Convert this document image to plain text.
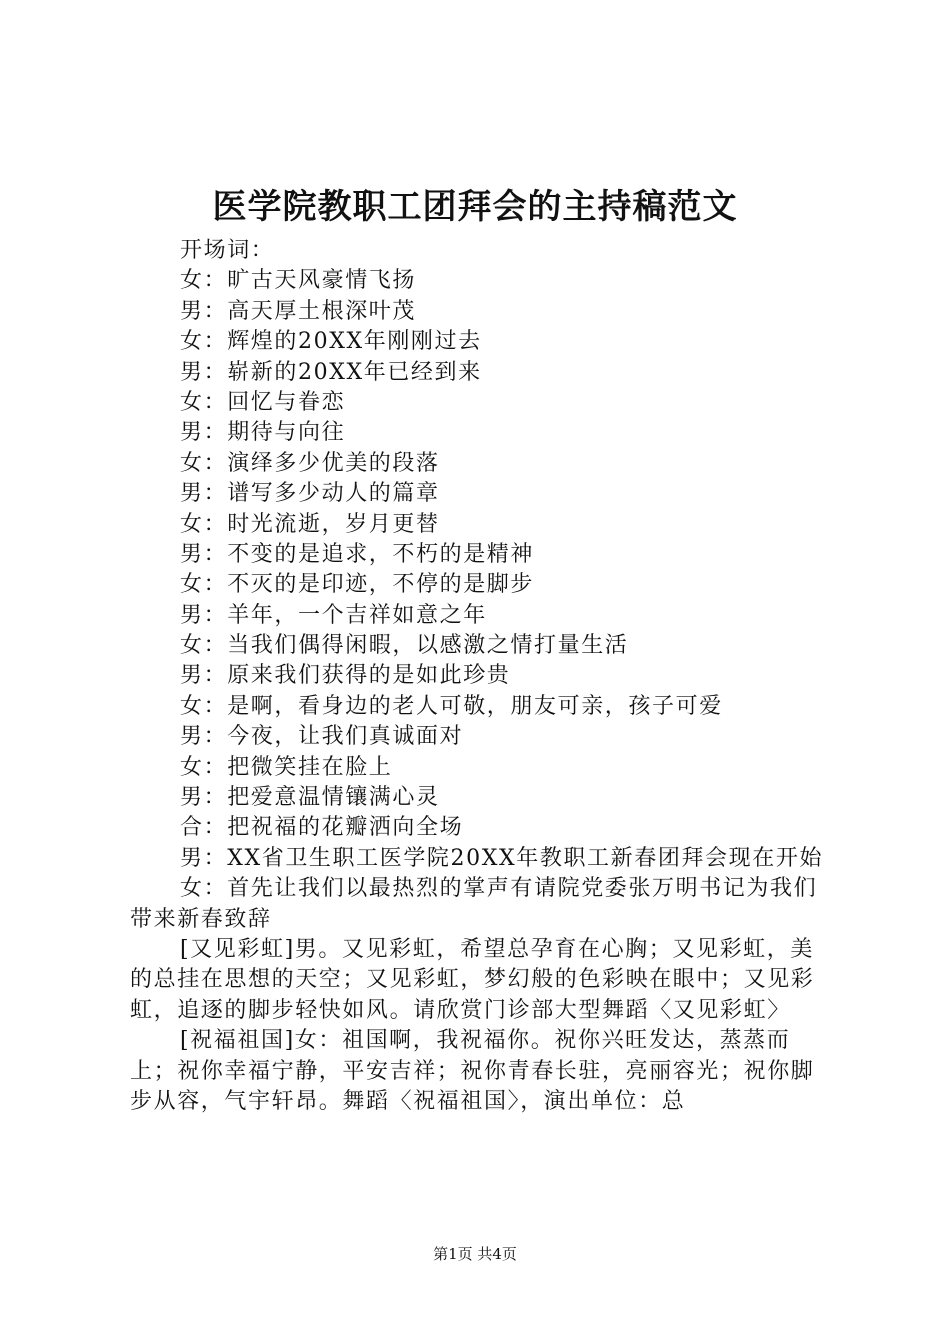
医学院教职工团拜会的主持稿范文

开场词：

女：旷古天风豪情飞扬

男：高天厚土根深叶茂

女：辉煌的20XX年刚刚过去

男：崭新的20XX年已经到来

女：回忆与眷恋

男：期待与向往

女：演绎多少优美的段落

男：谱写多少动人的篇章

女：时光流逝，岁月更替

男：不变的是追求，不朽的是精神

女：不灭的是印迹，不停的是脚步

男：羊年，一个吉祥如意之年

女：当我们偶得闲暇，以感激之情打量生活

男：原来我们获得的是如此珍贵

女：是啊，看身边的老人可敬，朋友可亲，孩子可爱

男：今夜，让我们真诚面对

女：把微笑挂在脸上

男：把爱意温情镶满心灵

合：把祝福的花瓣洒向全场

男：XX省卫生职工医学院20XX年教职工新春团拜会现在开始

女：首先让我们以最热烈的掌声有请院党委张万明书记为我们带来新春致辞

[又见彩虹]男。又见彩虹，希望总孕育在心胸；又见彩虹，美的总挂在思想的天空；又见彩虹，梦幻般的色彩映在眼中；又见彩虹，追逐的脚步轻快如风。请欣赏门诊部大型舞蹈〈又见彩虹〉

[祝福祖国]女：祖国啊，我祝福你。祝你兴旺发达，蒸蒸而上；祝你幸福宁静，平安吉祥；祝你青春长驻，亮丽容光；祝你脚步从容，气宇轩昂。舞蹈〈祝福祖国〉，演出单位：总

第1页 共4页
